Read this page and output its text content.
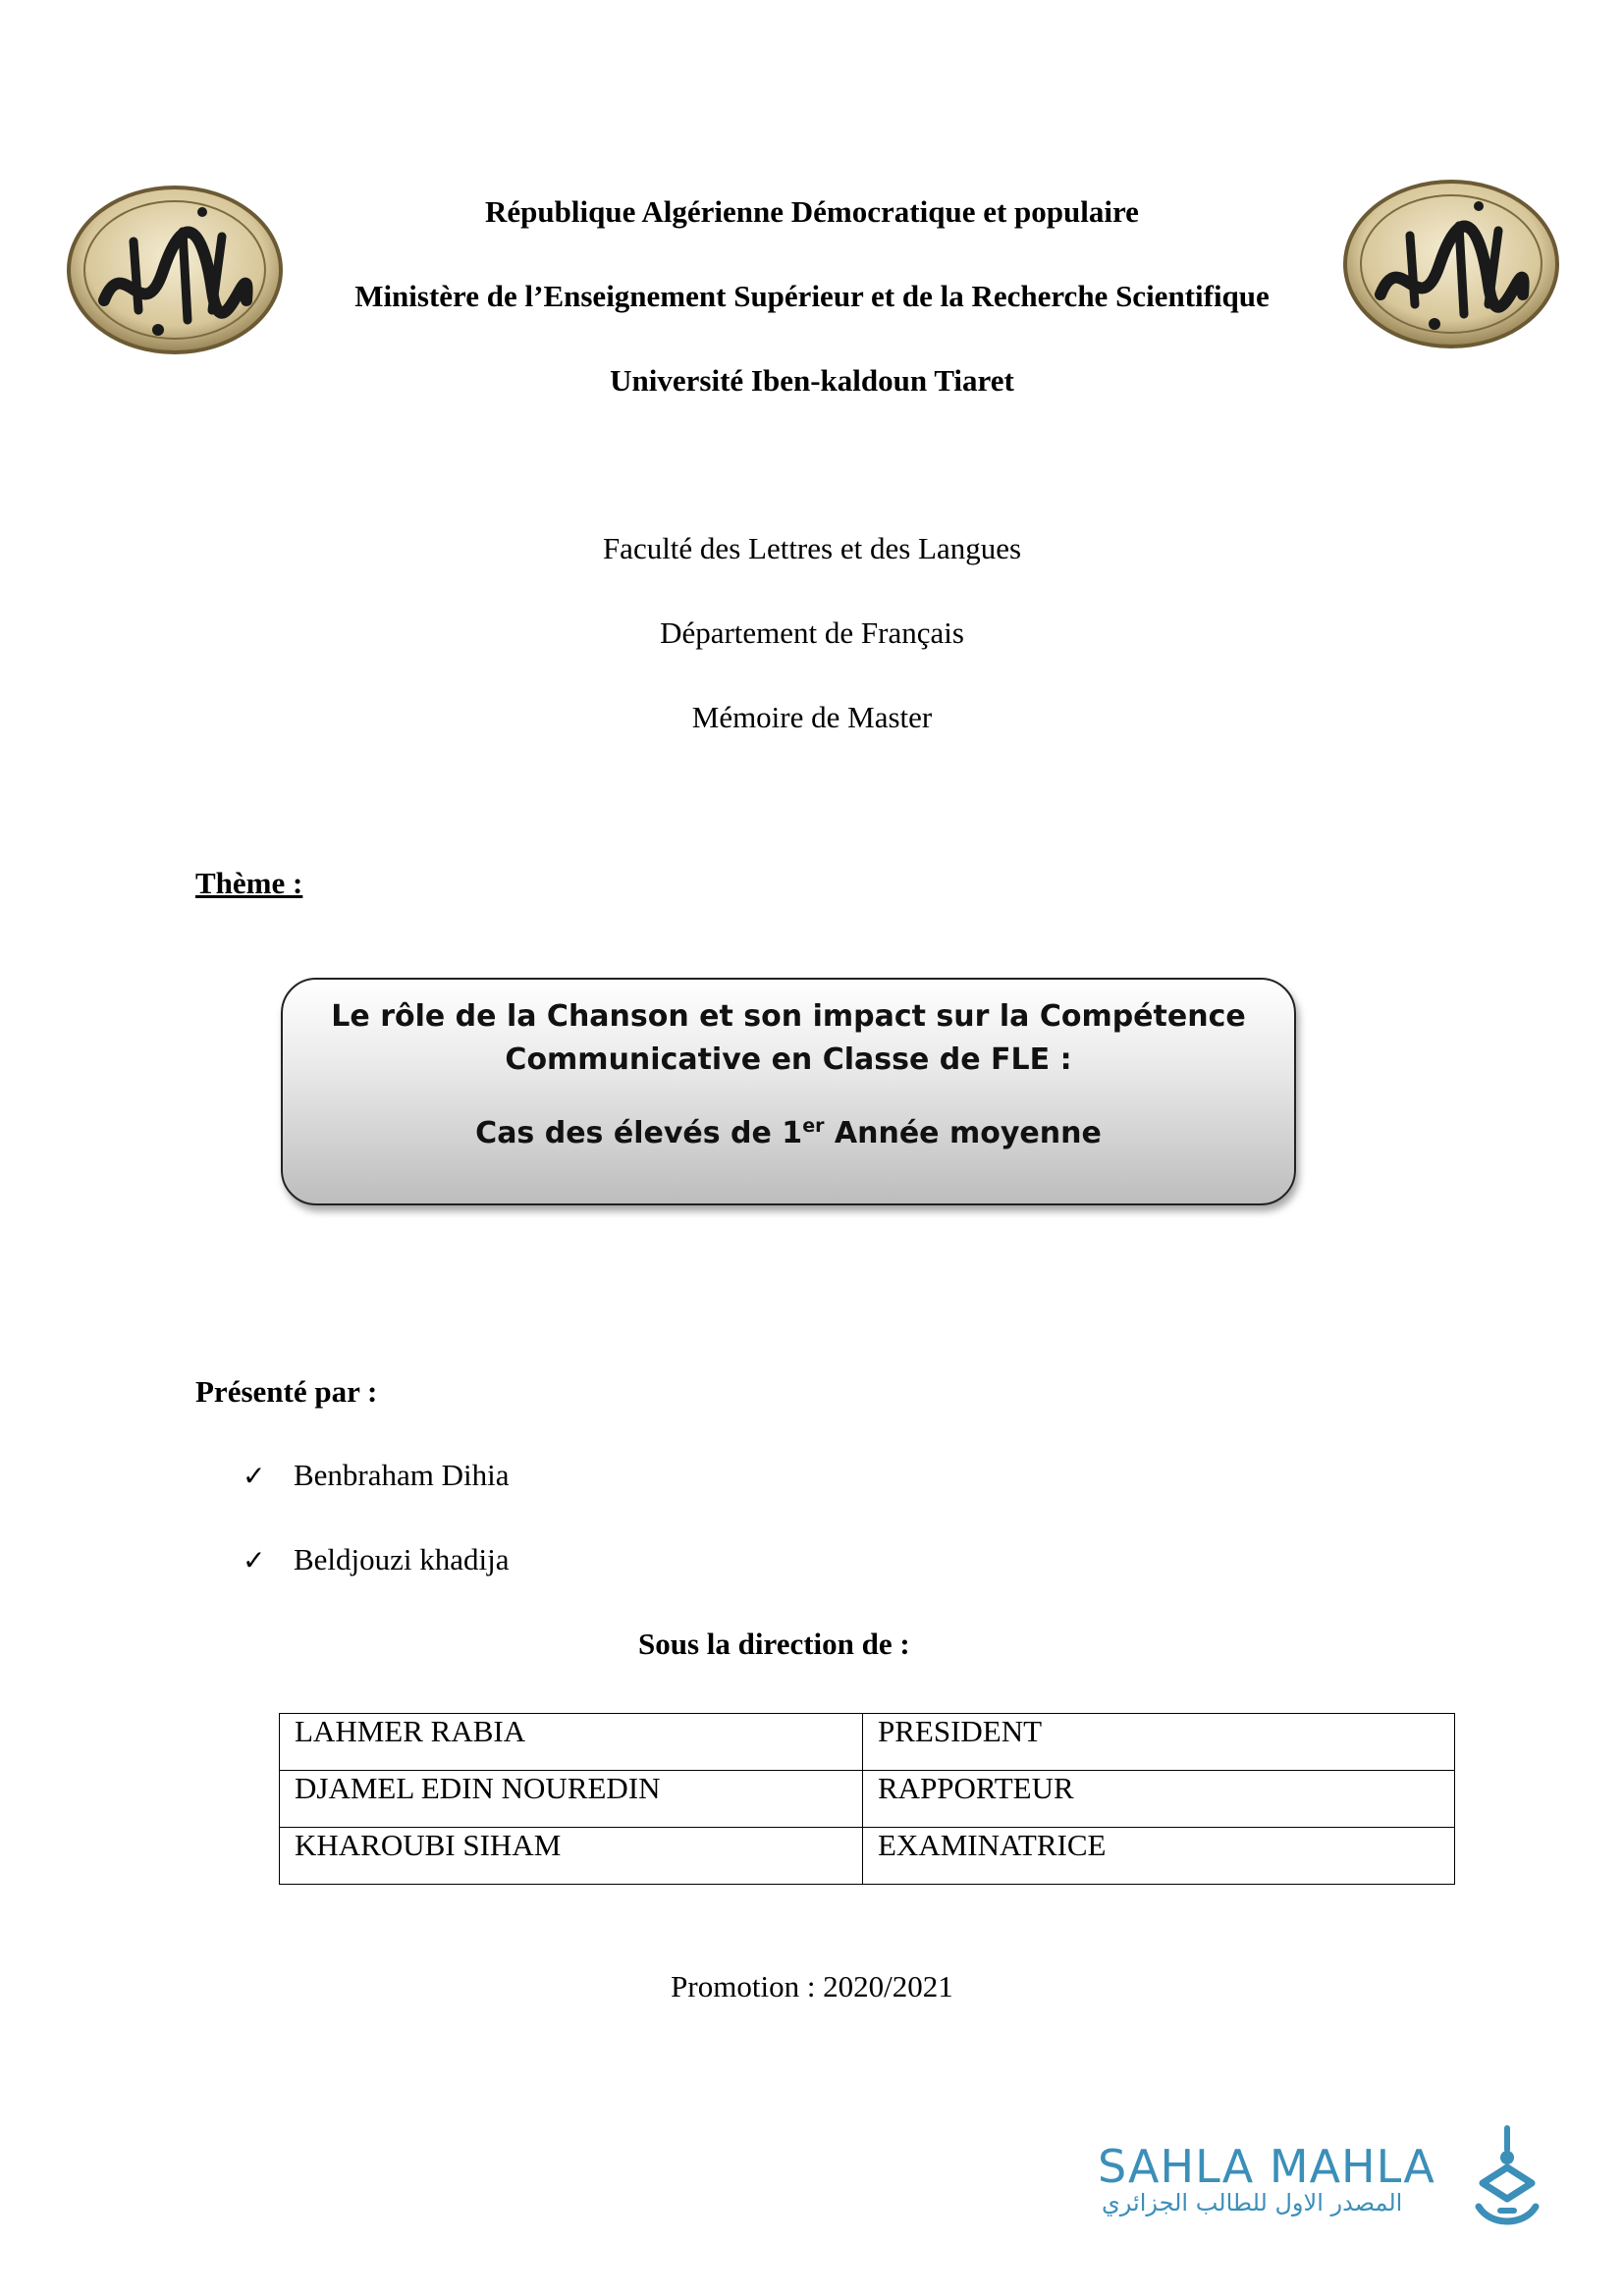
République Algérienne Démocratique et populaire
Ministère de l’Enseignement Supérieur et de la Recherche Scientifique
Université Iben-kaldoun Tiaret
Faculté des Lettres et des Langues
Département de Français
Mémoire de Master
Thème :
Le rôle de la Chanson et son impact sur la Compétence
Communicative en Classe de FLE :
Cas des élevés de 1er Année moyenne
Présenté par :
✓ Benbraham Dihia
✓ Beldjouzi khadija
Sous la direction de :
LAHMER RABIA	PRESIDENT
DJAMEL EDIN NOUREDIN	RAPPORTEUR
KHAROUBI SIHAM	EXAMINATRICE
Promotion : 2020/2021
SAHLA MAHLA
المصدر الاول للطالب الجزائري
